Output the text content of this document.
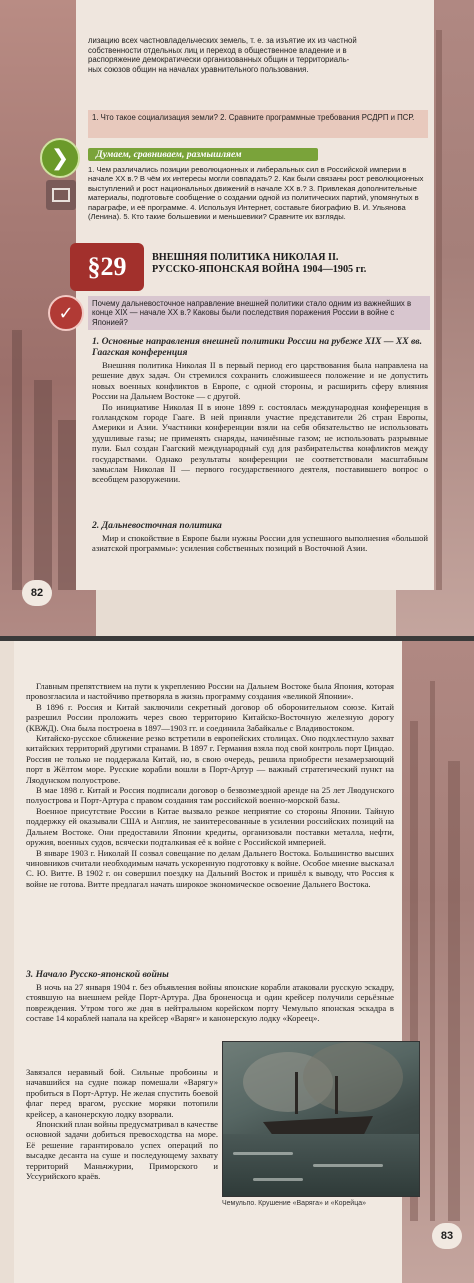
лизацию всех частновладельческих земель, т. е. за изъятие их из частной
собственности отдельных лиц и переход в общественное владение и в
распоряжение демократически организованных общин и территориаль-
ных союзов общин на началах уравнительного пользования.
1. Что такое социализация земли? 2. Сравните программные требования РСДРП и ПСР.
❯	Думаем, сравниваем, размышляем
1. Чем различались позиции революционных и либеральных сил в Российской империи в начале XX в.? В чём их интересы могли совпадать? 2. Как были связаны рост революционных выступлений и рост национальных движений в начале XX в.? 3. Привлекая дополнительные материалы, подготовьте сообщение о создании одной из политических партий, упомянутых в параграфе, и её программе. 4. Используя Интернет, составьте биографию В. И. Ульянова (Ленина). 5. Кто такие большевики и меньшевики? Сравните их взгляды.
§29	ВНЕШНЯЯ ПОЛИТИКА НИКОЛАЯ II.
РУССКО-ЯПОНСКАЯ ВОЙНА 1904—1905 гг.
✓	Почему дальневосточное направление внешней политики стало одним из важнейших в конце XIX — начале XX в.? Каковы были последствия поражения России в войне с Японией?

1. Основные направления внешней политики России на рубеже XIX — XX вв. Гаагская конференция

Внешняя политика Николая II в первый период его царствования была направлена на решение двух задач. Он стремился сохранить сложившееся положение и не допустить новых военных конфликтов в Европе, с одной стороны, и расширить сферу влияния России на Дальнем Востоке — с другой.

По инициативе Николая II в июне 1899 г. состоялась международная конференция в голландском городе Гааге. В ней приняли участие представители 26 стран Европы, Америки и Азии. Участники конференции взяли на себя обязательство не использовать удушливые газы; не применять снаряды, начинённые газом; не использовать разрывные пули. Был создан Гаагский международный суд для разбирательства конфликтов между государствами. Однако результаты конференции не соответствовали масштабным замыслам Николая II — первого государственного деятеля, поставившего вопрос о всеобщем разоружении.

2. Дальневосточная политика

Мир и спокойствие в Европе были нужны России для успешного выполнения «большой азиатской программы»: усиления собственных позиций в Восточной Азии.

82

Главным препятствием на пути к укреплению России на Дальнем Востоке была Япония, которая провозгласила и настойчиво претворяла в жизнь программу создания «великой Японии».

В 1896 г. Россия и Китай заключили секретный договор об оборонительном союзе. Китай разрешил России проложить через свою территорию Китайско-Восточную железную дорогу (КВЖД). Она была построена в 1897—1903 гг. и соединила Забайкалье с Владивостоком.

Китайско-русское сближение резко встретили в европейских столицах. Оно подхлестнуло захват китайских территорий другими странами. В 1897 г. Германия взяла под свой контроль порт Циндао. Россия не только не поддержала Китай, но, в свою очередь, решила приобрести незамерзающий порт в Жёлтом море. Русские корабли вошли в Порт-Артур — важный стратегический пункт на Ляодунском полуострове.

В мае 1898 г. Китай и Россия подписали договор о безвозмездной аренде на 25 лет Ляодунского полуострова и Порт-Артура с правом создания там российской военно-морской базы.

Военное присутствие России в Китае вызвало резкое неприятие со стороны Японии. Тайную поддержку ей оказывали США и Англия, не заинтересованные в усилении российских позиций на Дальнем Востоке. Они предоставили Японии кредиты, организовали поставки металла, нефти, оружия, военных судов, всячески подталкивая её к войне с Российской империей.

В январе 1903 г. Николай II созвал совещание по делам Дальнего Востока. Большинство высших чиновников считали необходимым начать ускоренную подготовку к войне. Особое мнение высказал С. Ю. Витте. В 1902 г. он совершил поездку на Дальний Восток и пришёл к выводу, что Россия к войне не готова. Витте предлагал начать широкое экономическое освоение Дальнего Востока.

3. Начало Русско-японской войны

В ночь на 27 января 1904 г. без объявления войны японские корабли атаковали русскую эскадру, стоявшую на внешнем рейде Порт-Артура. Два броненосца и один крейсер получили серьёзные повреждения. Утром того же дня в нейтральном корейском порту Чемульпо японская эскадра в составе 14 кораблей напала на крейсер «Варяг» и канонерскую лодку «Кореец».

Завязался неравный бой. Сильные пробоины и начавшийся на судне пожар помешали «Варягу» пробиться в Порт-Артур. Не желая спустить боевой флаг перед врагом, русские моряки потопили крейсер, а канонерскую лодку взорвали.

Японский план войны предусматривал в качестве основной задачи добиться превосходства на море. Её решение гарантировало успех операций по высадке десанта на суше и последующему захвату территорий Маньчжурии, Приморского и Уссурийского краёв.

Чемульпо. Крушение «Варяга» и «Корейца»
83
